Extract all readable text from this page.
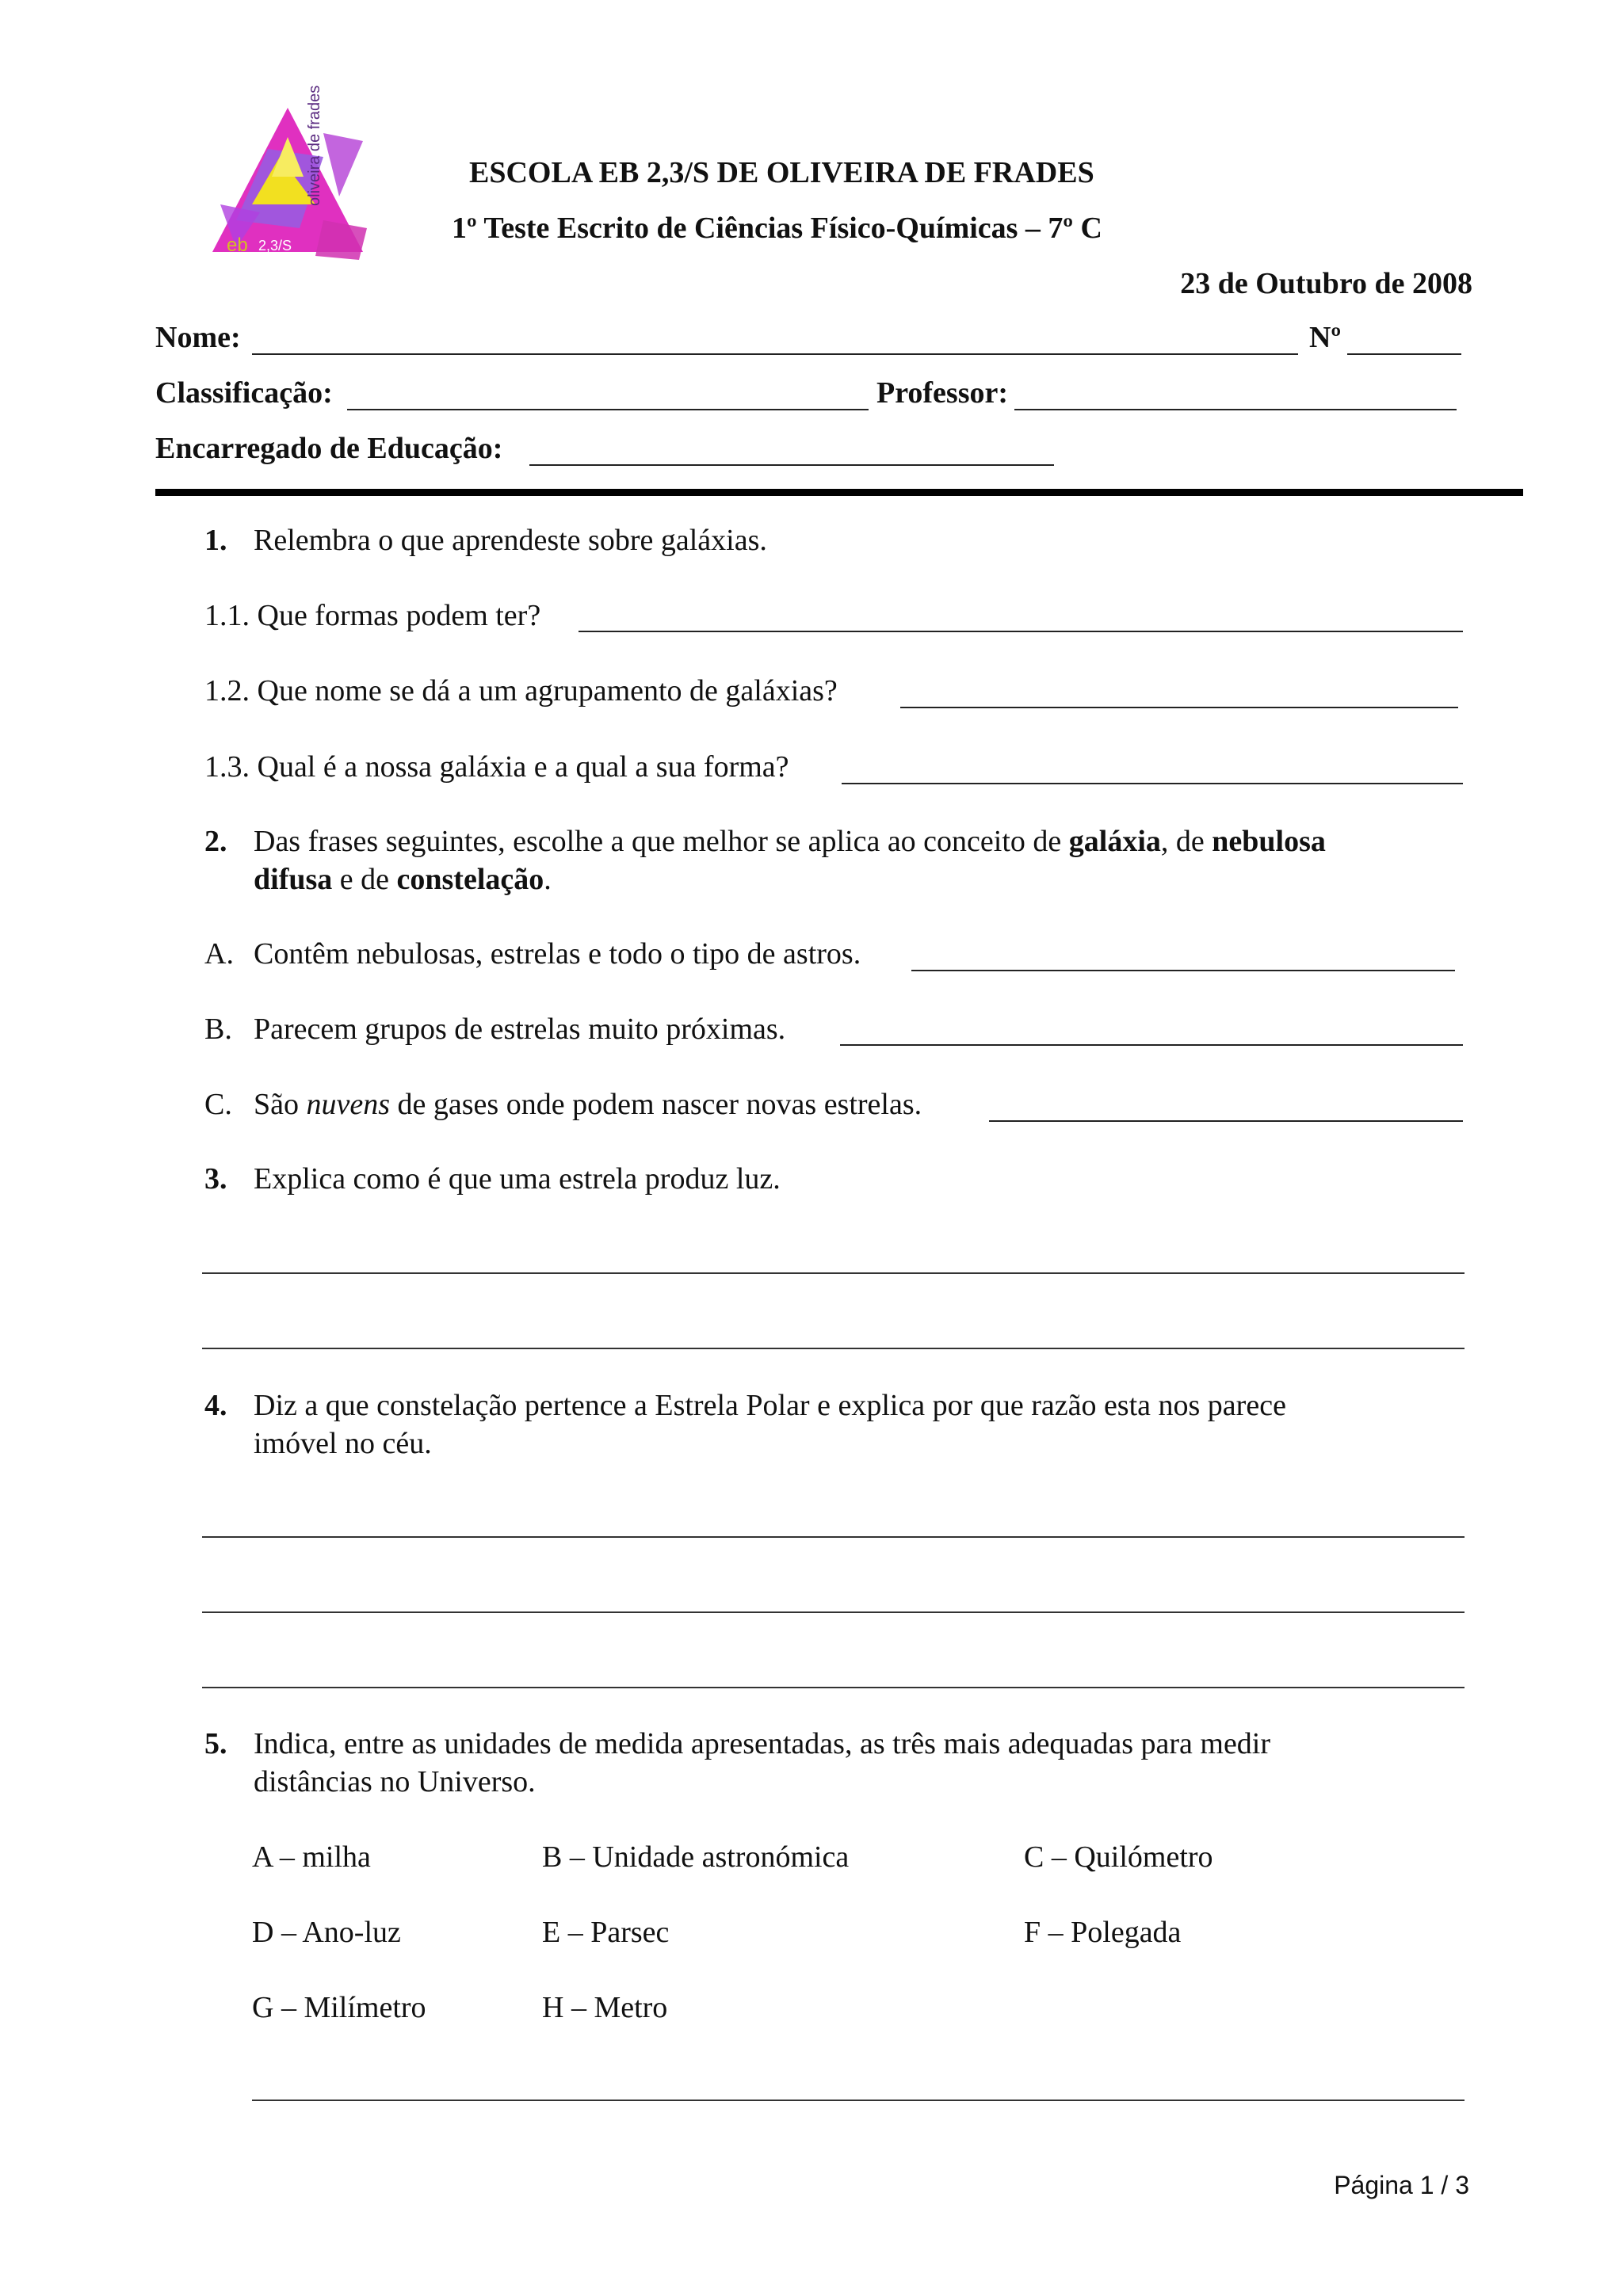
oliveira de frades
eb 2,3/S
ESCOLA EB 2,3/S DE OLIVEIRA DE FRADES
1º Teste Escrito de Ciências Físico-Químicas – 7º C
23 de Outubro de 2008
Nome:	Nº
Classificação:	Professor:
Encarregado de Educação:
1. Relembra o que aprendeste sobre galáxias.
1.1. Que formas podem ter?
1.2. Que nome se dá a um agrupamento de galáxias?
1.3. Qual é a nossa galáxia e a qual a sua forma?
2. Das frases seguintes, escolhe a que melhor se aplica ao conceito de galáxia, de nebulosa
difusa e de constelação.
A. Contêm nebulosas, estrelas e todo o tipo de astros.
B. Parecem grupos de estrelas muito próximas.
C. São nuvens de gases onde podem nascer novas estrelas.
3. Explica como é que uma estrela produz luz.
4. Diz a que constelação pertence a Estrela Polar e explica por que razão esta nos parece
imóvel no céu.
5. Indica, entre as unidades de medida apresentadas, as três mais adequadas para medir
distâncias no Universo.
A – milha	B – Unidade astronómica	C – Quilómetro
D – Ano-luz	E – Parsec	F – Polegada
G – Milímetro	H – Metro
Página 1 / 3
